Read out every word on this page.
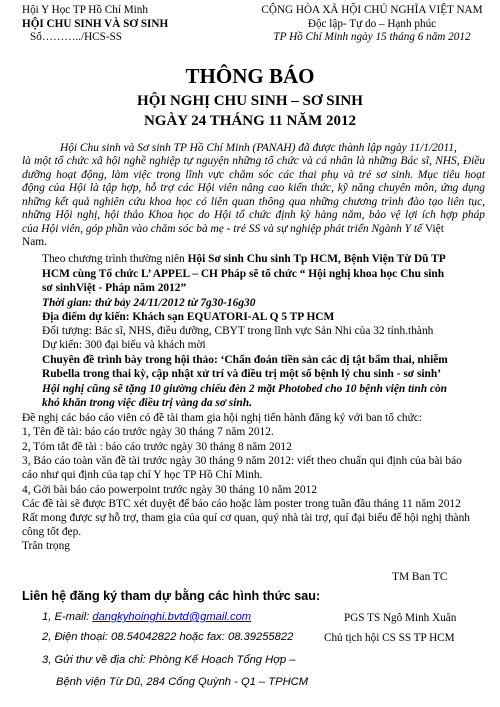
Hội Y Học TP Hồ Chí Minh
HỘI CHU SINH VÀ SƠ SINH
Số………../HCS-SS
CỘNG HÒA XÃ HỘI CHỦ NGHĨA VIỆT NAM
Độc lập- Tự do – Hạnh phúc
TP Hồ Chí Minh ngày 15 tháng 6 năm 2012
THÔNG BÁO
HỘI NGHỊ CHU SINH – SƠ SINH
NGÀY 24 THÁNG 11 NĂM 2012
Hội Chu sinh và Sơ sinh TP Hồ Chí Minh (PANAH) đã được thành lập ngày 11/1/2011,
là một tổ chức xã hội nghề nghiệp tự nguyện những tổ chức và cá nhân là những Bác sĩ, NHS, Điều
dưỡng hoạt động, làm việc trong lĩnh vực chăm sóc các thai phụ và trẻ sơ sinh. Mục tiêu hoạt
động của Hội là tập hợp, hỗ trợ các Hội viên nâng cao kiến thức, kỹ năng chuyên môn, ứng dụng
những kết quả nghiên cứu khoa học có liên quan thông qua những chương trình đào tạo liên tục,
những Hội nghị, hội thảo Khoa học do Hội tổ chức định kỳ hàng năm, bảo vệ lợi ích hợp pháp
của Hội viên, góp phần vào chăm sóc bà mẹ - trẻ SS và sự nghiệp phát triển Ngành Y tế Việt
Nam.
Theo chương trình thường niên Hội Sơ sinh Chu sinh Tp HCM, Bệnh Viện Từ Dũ TP
HCM cùng Tổ chức L’ APPEL – CH Pháp sẽ tổ chức “ Hội nghị khoa học Chu sinh
sơ sinhViệt - Pháp năm 2012”
Thời gian: thứ bảy 24/11/2012 từ 7g30-16g30
Địa điểm dự kiến: Khách sạn EQUATORI-AL Q 5 TP HCM
Đối tượng: Bác sĩ, NHS, điều dưỡng, CBYT trong lĩnh vực Sản Nhi của 32 tỉnh.thành
Dự kiến: 300 đại biểu và khách mời
Chuyên đề trình bày trong hội thảo: ‘Chẩn đoán tiền sản các dị tật bẩm thai, nhiễm
Rubella trong thai kỳ, cập nhật xử trí và điều trị một số bệnh lý chu sinh - sơ sinh’
Hội nghị cũng sẽ tặng 10 giường chiếu đèn 2 mặt Photobed cho 10 bệnh viện tỉnh còn
khó khăn trong việc điều trị vàng da sơ sinh.
Đề nghị các báo cáo viên có đề tài tham gia hội nghị tiến hành đăng ký với ban tổ chức:
1, Tên đề tài: báo cáo trước ngày 30 tháng 7 năm 2012.
2, Tóm tắt đề tài : báo cáo trước ngày 30 tháng 8 năm 2012
3, Báo cáo toàn văn đề tài trước ngày 30 tháng 9 năm 2012: viết theo chuẩn qui định của bài báo
cáo như qui định của tạp chí Y học TP Hồ Chí Minh.
4, Gởi bài báo cáo powerpoint trước ngày 30 tháng 10 năm 2012
Các đề tài sẽ được BTC xét duyệt để báo cáo hoặc làm poster trong tuần đầu tháng 11 năm 2012
Rất mong được sự hỗ trợ, tham gia của quí cơ quan, quý nhà tài trợ, quí đại biểu để hội nghị thành
công tốt đẹp.
Trân trọng
TM Ban TC
Liên hệ đăng ký tham dự bằng các hình thức sau:
1, E-mail: dangkyhoinghi.bvtd@gmail.com
2, Điện thoại: 08.54042822 hoặc fax: 08.39255822
3, Gửi thư về địa chỉ: Phòng Kế Hoạch Tổng Hợp –
Bệnh viện Từ Dũ, 284 Cống Quỳnh - Q1 – TPHCM
PGS TS Ngô Minh Xuân
Chủ tịch hội CS SS TP HCM
